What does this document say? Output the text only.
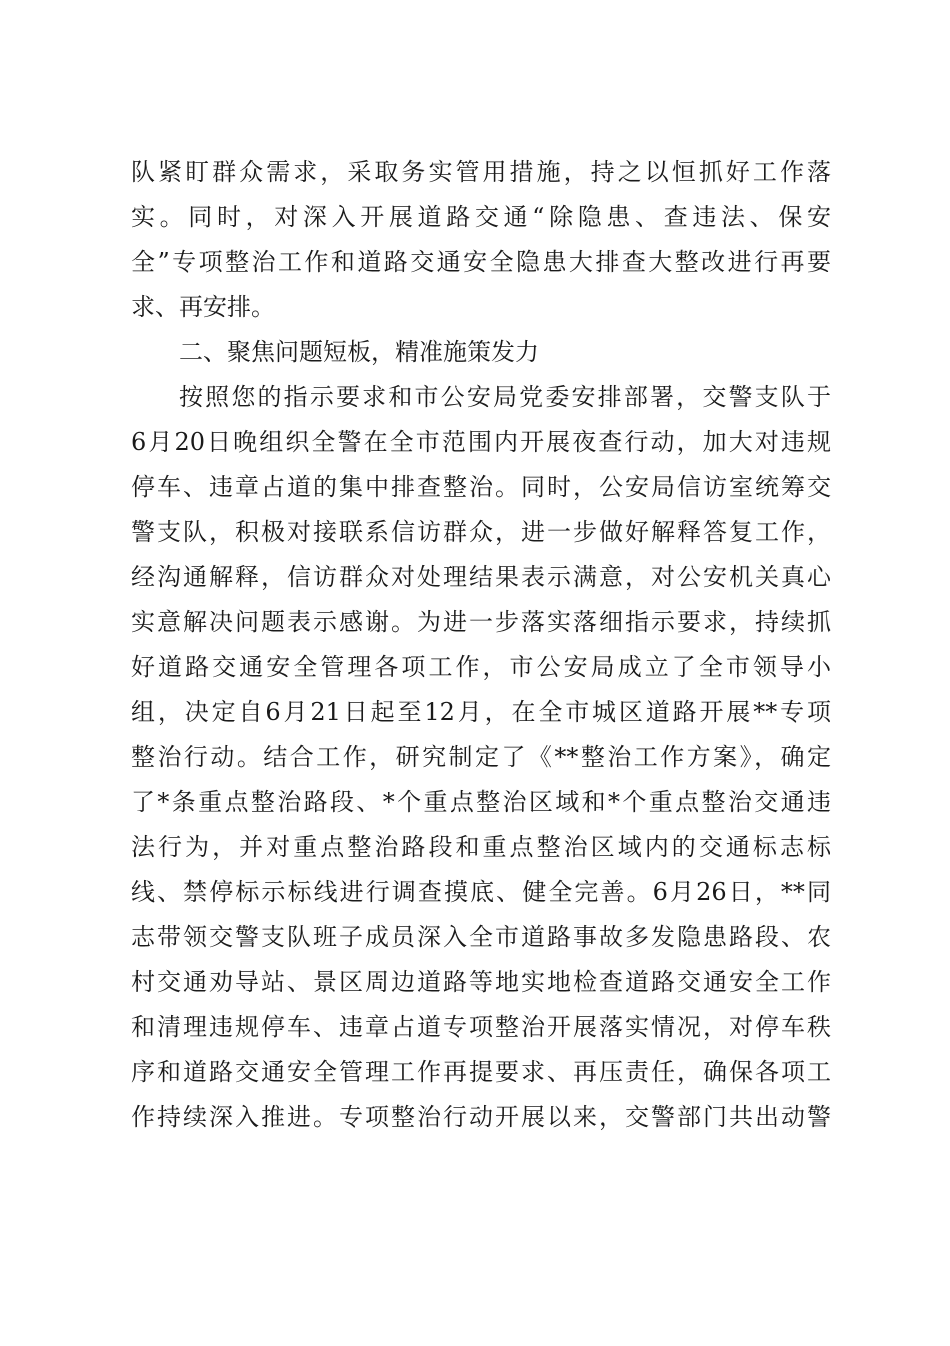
队紧盯群众需求，采取务实管用措施，持之以恒抓好工作落
实。同时，对深入开展道路交通“除隐患、查违法、保安
全”专项整治工作和道路交通安全隐患大排查大整改进行再要
求、再安排。
二、聚焦问题短板，精准施策发力
按照您的指示要求和市公安局党委安排部署，交警支队于
6月20日晚组织全警在全市范围内开展夜查行动，加大对违规
停车、违章占道的集中排查整治。同时，公安局信访室统筹交
警支队，积极对接联系信访群众，进一步做好解释答复工作，
经沟通解释，信访群众对处理结果表示满意，对公安机关真心
实意解决问题表示感谢。为进一步落实落细指示要求，持续抓
好道路交通安全管理各项工作，市公安局成立了全市领导小
组，决定自6月21日起至12月，在全市城区道路开展**专项
整治行动。结合工作，研究制定了《**整治工作方案》，确定
了*条重点整治路段、*个重点整治区域和*个重点整治交通违
法行为，并对重点整治路段和重点整治区域内的交通标志标
线、禁停标示标线进行调查摸底、健全完善。6月26日，**同
志带领交警支队班子成员深入全市道路事故多发隐患路段、农
村交通劝导站、景区周边道路等地实地检查道路交通安全工作
和清理违规停车、违章占道专项整治开展落实情况，对停车秩
序和道路交通安全管理工作再提要求、再压责任，确保各项工
作持续深入推进。专项整治行动开展以来，交警部门共出动警
